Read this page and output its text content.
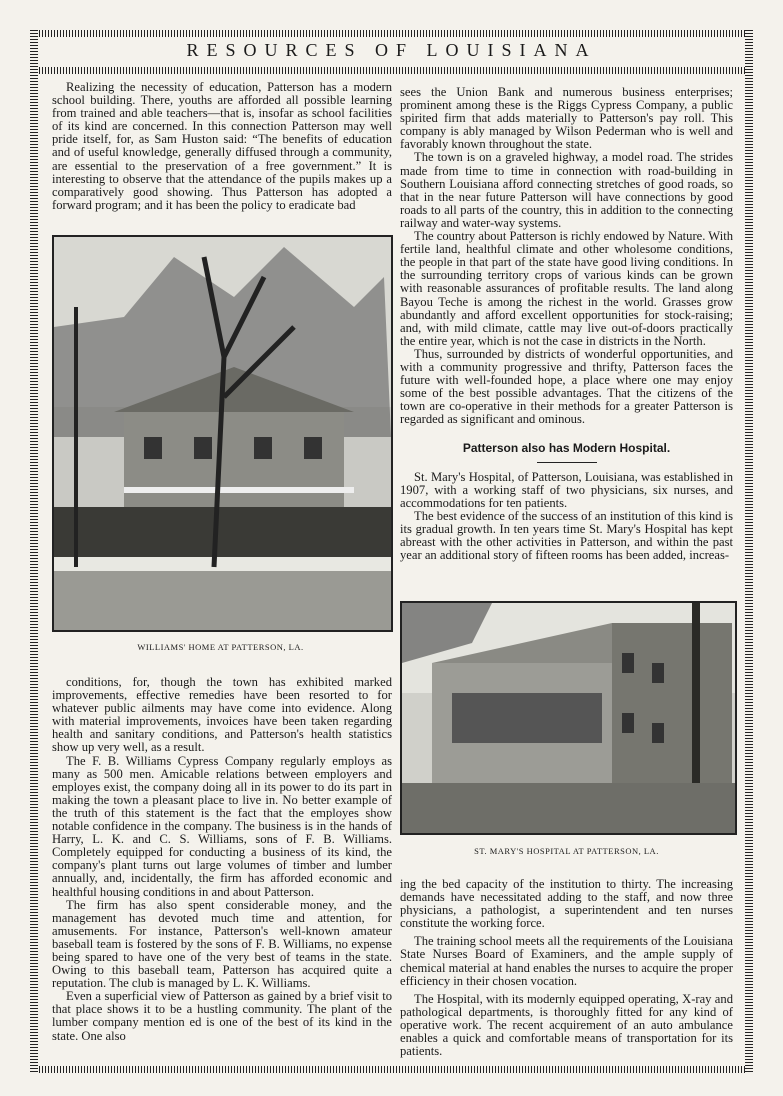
RESOURCES OF LOUISIANA

Realizing the necessity of education, Patterson has a modern school building. There, youths are afforded all possible learning from trained and able teachers—that is, insofar as school facilities of its kind are concerned. In this connection Patterson may well pride itself, for, as Sam Huston said: “The benefits of education and of useful knowledge, generally diffused through a community, are essential to the preservation of a free government.” It is interesting to observe that the attendance of the pupils makes up a comparatively good showing. Thus Patterson has adopted a forward program; and it has been the policy to eradicate bad

WILLIAMS' HOME AT PATTERSON, LA.

conditions, for, though the town has exhibited marked improvements, effective remedies have been resorted to for whatever public ailments may have come into evidence. Along with material improvements, invoices have been taken regarding health and sanitary conditions, and Patterson's health statistics show up very well, as a result.

The F. B. Williams Cypress Company regularly employs as many as 500 men. Amicable relations between employers and employes exist, the company doing all in its power to do its part in making the town a pleasant place to live in. No better example of the truth of this statement is the fact that the employes show notable confidence in the company. The business is in the hands of Harry, L. K. and C. S. Williams, sons of F. B. Williams. Completely equipped for conducting a business of its kind, the company's plant turns out large volumes of timber and lumber annually, and, incidentally, the firm has afforded economic and healthful housing conditions in and about Patterson.

The firm has also spent considerable money, and the management has devoted much time and attention, for amusements. For instance, Patterson's well-known amateur baseball team is fostered by the sons of F. B. Williams, no expense being spared to have one of the very best of teams in the state. Owing to this baseball team, Patterson has acquired quite a reputation. The club is managed by L. K. Williams.

Even a superficial view of Patterson as gained by a brief visit to that place shows it to be a hustling community. The plant of the lumber company mention ed is one of the best of its kind in the state. One also

sees the Union Bank and numerous business enterprises; prominent among these is the Riggs Cypress Company, a public spirited firm that adds materially to Patterson's pay roll. This company is ably managed by Wilson Pederman who is well and favorably known throughout the state.

The town is on a graveled highway, a model road. The strides made from time to time in connection with road-building in Southern Louisiana afford connecting stretches of good roads, so that in the near future Patterson will have connections by good roads to all parts of the country, this in addition to the connecting railway and water-way systems.

The country about Patterson is richly endowed by Nature. With fertile land, healthful climate and other wholesome conditions, the people in that part of the state have good living conditions. In the surrounding territory crops of various kinds can be grown with reasonable assurances of profitable results. The land along Bayou Teche is among the richest in the world. Grasses grow abundantly and afford excellent opportunities for stock-raising; and, with mild climate, cattle may live out-of-doors practically the entire year, which is not the case in districts in the North.

Thus, surrounded by districts of wonderful opportunities, and with a community progressive and thrifty, Patterson faces the future with well-founded hope, a place where one may enjoy some of the best possible advantages. That the citizens of the town are co-operative in their methods for a greater Patterson is regarded as significant and ominous.

Patterson also has Modern Hospital.

St. Mary's Hospital, of Patterson, Louisiana, was established in 1907, with a working staff of two physicians, six nurses, and accommodations for ten patients.

The best evidence of the success of an institution of this kind is its gradual growth. In ten years time St. Mary's Hospital has kept abreast with the other activities in Patterson, and within the past year an additional story of fifteen rooms has been added, increas-

ST. MARY'S HOSPITAL AT PATTERSON, LA.

ing the bed capacity of the institution to thirty. The increasing demands have necessitated adding to the staff, and now three physicians, a pathologist, a superintendent and ten nurses constitute the working force.

The training school meets all the requirements of the Louisiana State Nurses Board of Examiners, and the ample supply of chemical material at hand enables the nurses to acquire the proper efficiency in their chosen vocation.

The Hospital, with its modernly equipped operating, X-ray and pathological departments, is thoroughly fitted for any kind of operative work. The recent acquirement of an auto ambulance enables a quick and comfortable means of transportation for its patients.
